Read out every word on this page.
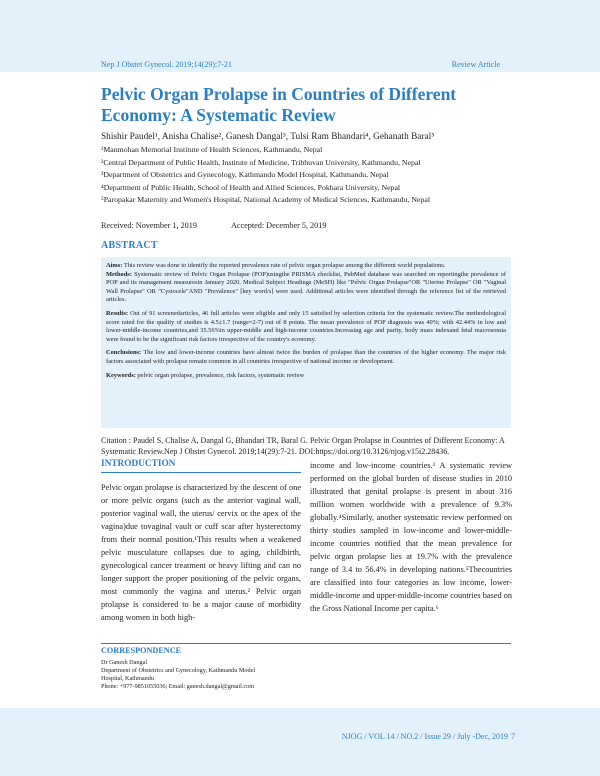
Nep J Obstet Gynecol. 2019;14(29):7-21	Review Article
Pelvic Organ Prolapse in Countries of Different Economy: A Systematic Review
Shishir Paudel¹, Anisha Chalise², Ganesh Dangal³, Tulsi Ram Bhandari⁴, Gehanath Baral⁵
¹Manmohan Memorial Institute of Health Sciences, Kathmandu, Nepal
²Central Department of Public Health, Institute of Medicine, Tribhuvan University, Kathmandu, Nepal
³Department of Obstetrics and Gynecology, Kathmandu Model Hospital, Kathmandu, Nepal
⁴Department of Public Health, School of Health and Allied Sciences, Pokhara University, Nepal
⁵Paropakar Maternity and Women's Hospital, National Academy of Medical Sciences, Kathmandu, Nepal
Received: November 1, 2019	Accepted: December 5, 2019
ABSTRACT

Aims: This review was done to identify the reported prevalence rate of pelvic organ prolapse among the different world populations.

Methods: Systematic review of Pelvic Organ Prolapse (POP)usingthe PRISMA checklist, PubMed database was searched on reportingthe prevalence of POP and its management measuresin January 2020. Medical Subject Headings (MeSH) like "Pelvic Organ Prolapse"OR "Uterine Prolapse" OR "Vaginal Wall Prolapse" OR "Cystocele"AND "Prevalence" [key word/s] were used. Additional articles were identified through the reference list of the retrieved articles.

Results: Out of 91 screenedarticles, 46 full articles were eligible and only 15 satisfied by selection criteria for the systematic review.The methodological score rated for the quality of studies is 4.5±1.7 (range=2-7) out of 8 points. The mean prevalence of POP diagnosis was 40%; with 42.44% in low and lower-middle-income countries,and 35.56%in upper-middle and high-income countries.Increasing age and parity, body mass indexand fetal macrosomia were found to be the significant risk factors irrespective of the country's economy.

Conclusions: The low and lower-income countries have almost twice the burden of prolapse than the countries of the higher economy. The major risk factors associated with prolapse remain common in all countries irrespective of national income or development.

Keywords: pelvic organ prolapse, prevalence, risk factors, systematic review

Citation : Paudel S, Chalise A, Dangal G, Bhandari TR, Baral G. Pelvic Organ Prolapse in Countries of Different Economy: A Systematic Review.Nep J Obstet Gynecol. 2019;14(29):7-21. DOI:https://doi.org/10.3126/njog.v15i2.28436.
INTRODUCTION

Pelvic organ prolapse is characterized by the descent of one or more pelvic organs (such as the anterior vaginal wall, posterior vaginal wall, the uterus/ cervix or the apex of the vagina)due tovaginal vault or cuff scar after hysterectomy from their normal position.¹This results when a weakened pelvic musculature collapses due to aging, childbirth, gynecological cancer treatment or heavy lifting and can no longer support the proper positioning of the pelvic organs, most commonly the vagina and uterus.² Pelvic organ prolapse is considered to be a major cause of morbidity among women in both high-

income and low-income countries.³ A systematic review performed on the global burden of disease studies in 2010 illustrated that genital prolapse is present in about 316 million women worldwide with a prevalence of 9.3% globally.⁴Similarly, another systematic review performed on thirty studies sampled in low-income and lower-middle-income countries notified that the mean prevalence for pelvic organ prolapse lies at 19.7% with the prevalence range of 3.4 to 56.4% in developing nations.⁵Thecountries are classified into four categories as low income, lower-middle-income and upper-middle-income countries based on the Gross National Income per capita.⁶
CORRESPONDENCE
Dr Ganesh Dangal
Department of Obstetrics and Gynecology, Kathmandu Model
Hospital, Kathmandu
Phone: +977-9851055036; Email: ganesh.dangal@gmail.com
NJOG / VOL 14 / NO.2 / Issue 29 / July -Dec, 2019 7
